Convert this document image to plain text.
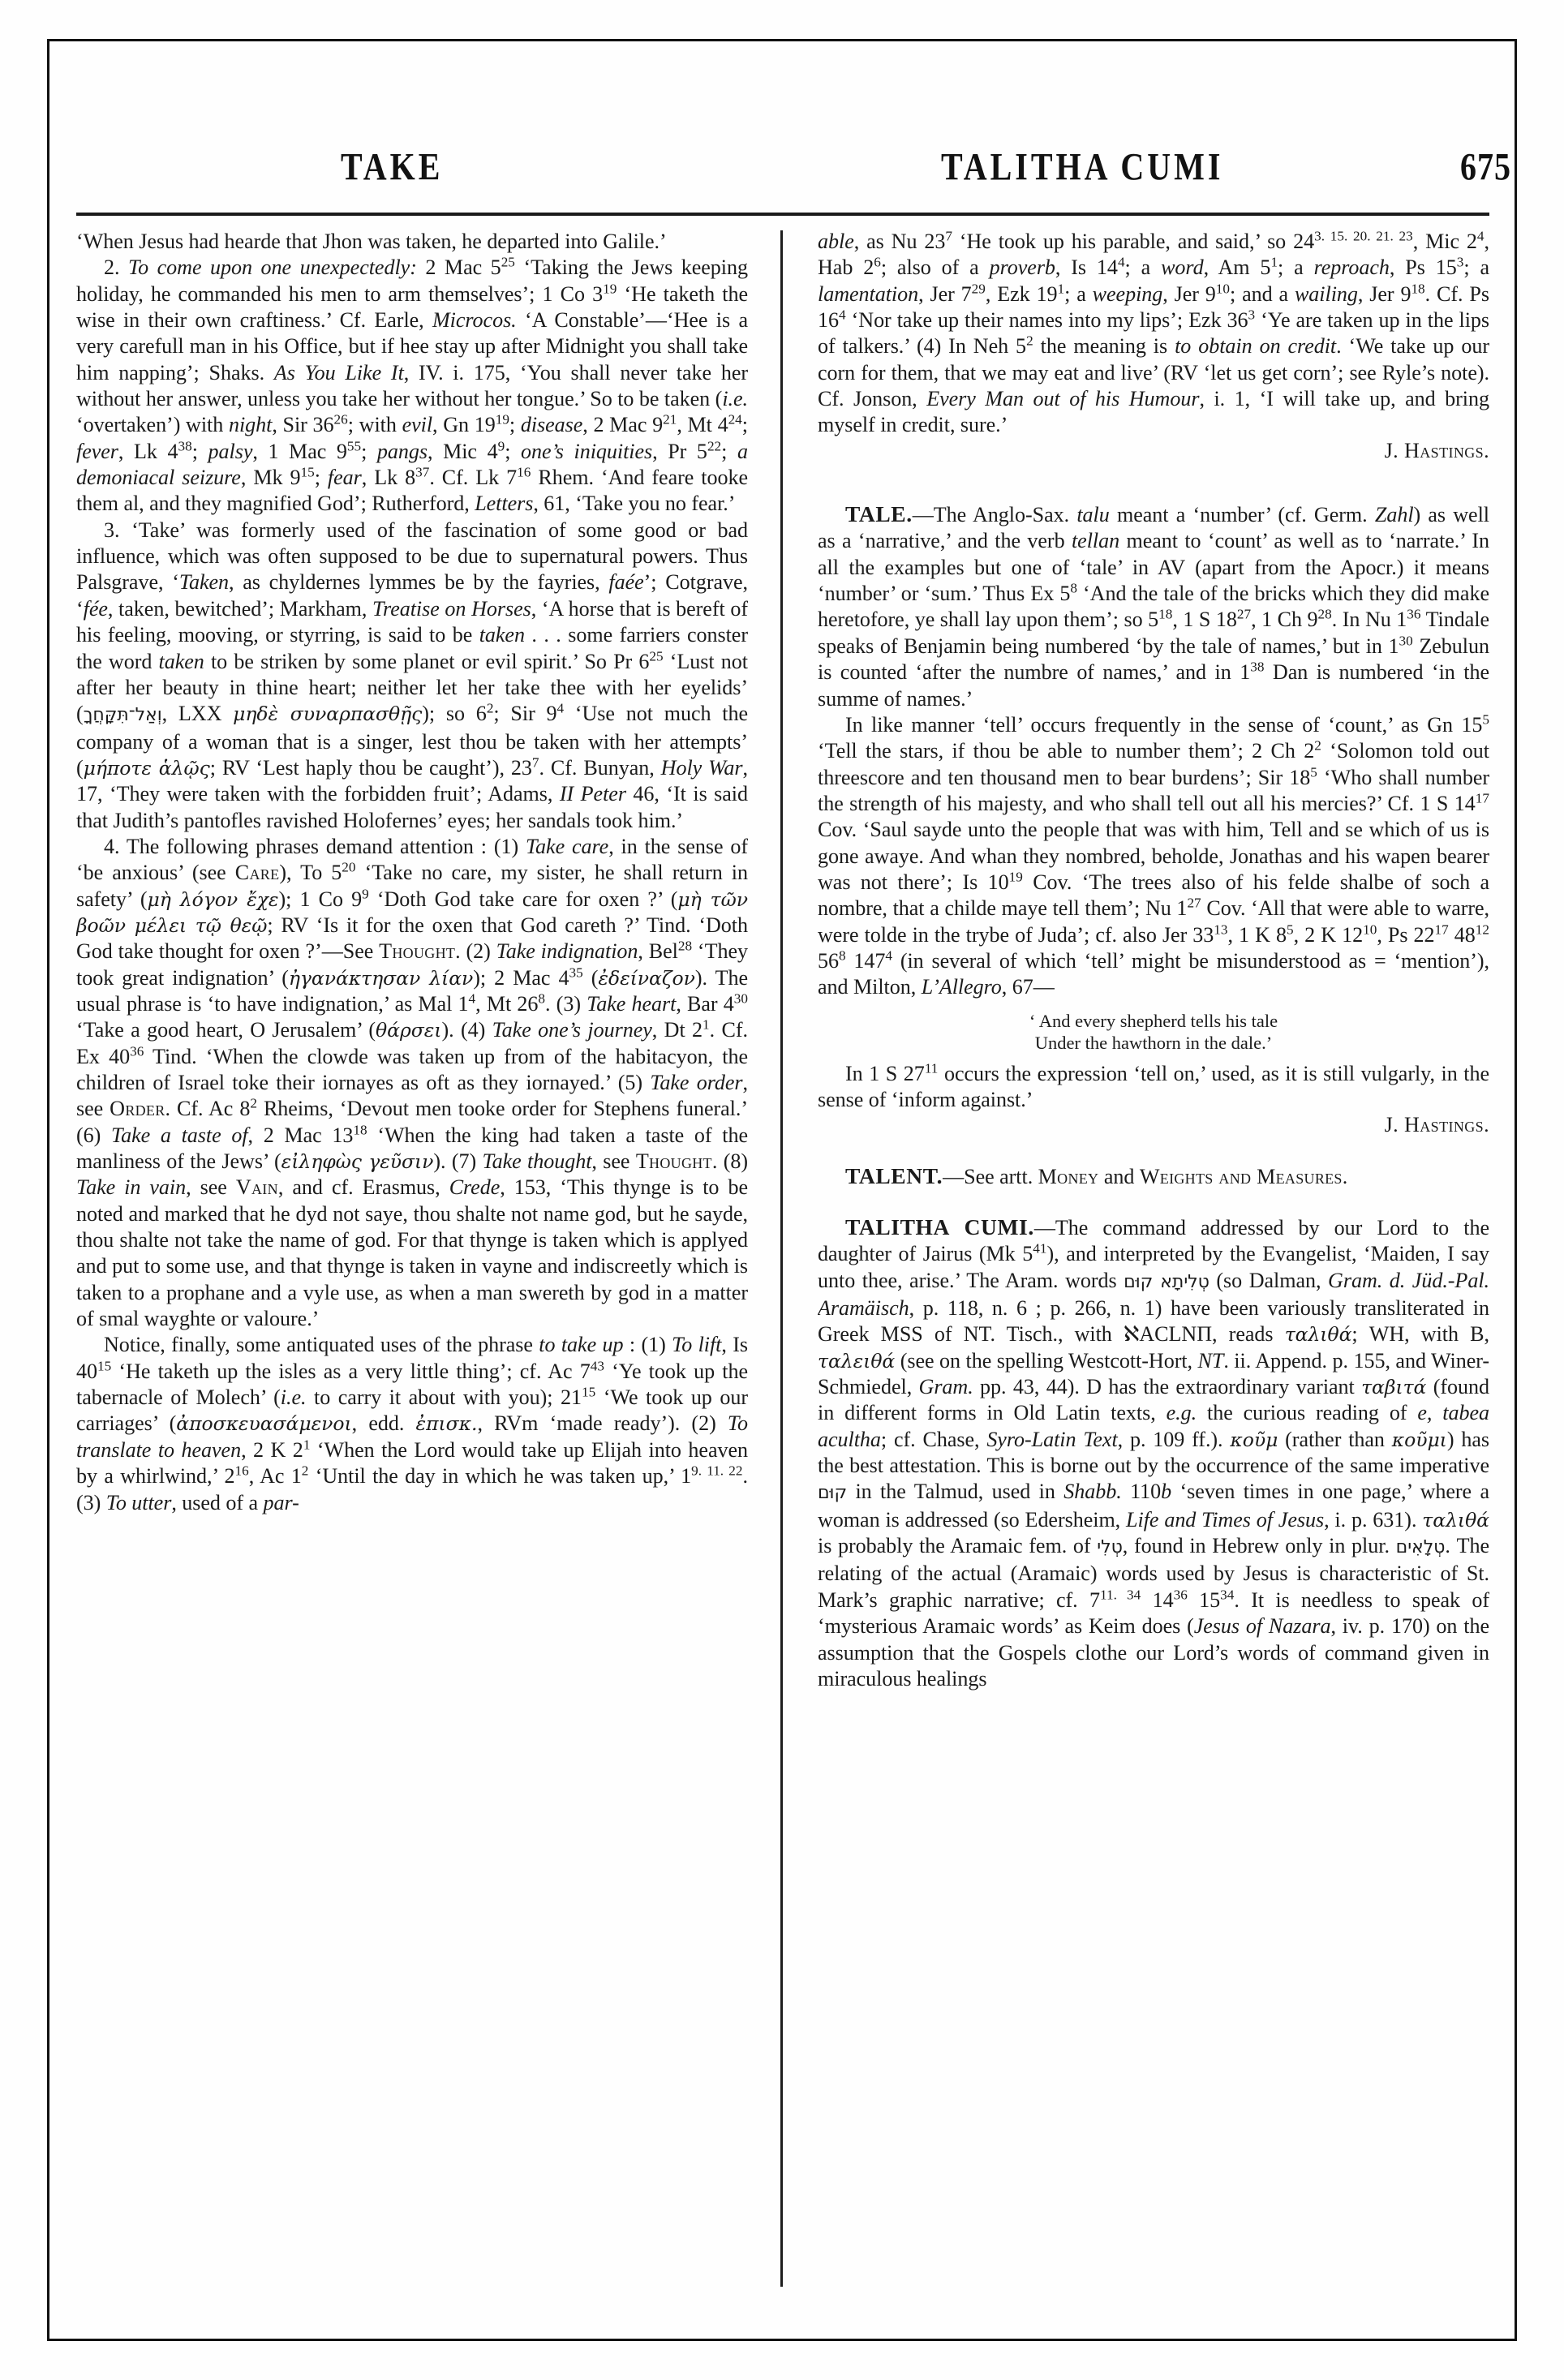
TAKE	TALITHA CUMI	675

‘When Jesus had hearde that Jhon was taken, he departed into Galile.’

2. To come upon one unexpectedly: 2 Mac $5^{25}$ ‘Taking the Jews keeping holiday, he commanded his men to arm themselves’; 1 Co $3^{19}$ ‘He taketh the wise in their own craftiness.’ Cf. Earle, Microcos. ‘A Constable’—‘Hee is a very carefull man in his Office, but if hee stay up after Midnight you shall take him napping’; Shaks. As You Like It, IV. i. 175, ‘You shall never take her without her answer, unless you take her without her tongue.’ So to be taken (i.e. ‘overtaken’) with night, Sir $36^{26}$; with evil, Gn $19^{19}$; disease, 2 Mac $9^{21}$, Mt $4^{24}$; fever, Lk $4^{38}$; palsy, 1 Mac $9^{55}$; pangs, Mic $4^9$; one’s iniquities, Pr $5^{22}$; a demoniacal seizure, Mk $9^{15}$; fear, Lk $8^{37}$. Cf. Lk $7^{16}$ Rhem. ‘And feare tooke them al, and they magnified God’; Rutherford, Letters, 61, ‘Take you no fear.’

3. ‘Take’ was formerly used of the fascination of some good or bad influence, which was often supposed to be due to supernatural powers. Thus Palsgrave, ‘Taken, as chyldernes lymmes be by the fayries, faée’; Cotgrave, ‘fée, taken, bewitched’; Markham, Treatise on Horses, ‘A horse that is bereft of his feeling, mooving, or styrring, is said to be taken . . . some farriers conster the word taken to be striken by some planet or evil spirit.’ So Pr $6^{25}$ ‘Lust not after her beauty in thine heart; neither let her take thee with her eyelids’ (וְאַל־תִּקָּחֲךָ, LXX μηδὲ συναρπασθῇς); so $6^2$; Sir $9^4$ ‘Use not much the company of a woman that is a singer, lest thou be taken with her attempts’ (μήποτε ἁλῷς; RV ‘Lest haply thou be caught’), $23^7$. Cf. Bunyan, Holy War, 17, ‘They were taken with the forbidden fruit’; Adams, II Peter 46, ‘It is said that Judith’s pantofles ravished Holofernes’ eyes; her sandals took him.’

4. The following phrases demand attention : (1) Take care, in the sense of ‘be anxious’ (see Care), To $5^{20}$ ‘Take no care, my sister, he shall return in safety’ (μὴ λόγον ἔχε); 1 Co $9^9$ ‘Doth God take care for oxen ?’ (μὴ τῶν βοῶν μέλει τῷ θεῷ; RV ‘Is it for the oxen that God careth ?’ Tind. ‘Doth God take thought for oxen ?’—See Thought. (2) Take indignation, Bel$^{28}$ ‘They took great indignation’ (ἠγανάκτησαν λίαν); 2 Mac $4^{35}$ (ἐδείναζον). The usual phrase is ‘to have indignation,’ as Mal $1^4$, Mt $26^8$. (3) Take heart, Bar $4^{30}$ ‘Take a good heart, O Jerusalem’ (θάρσει). (4) Take one’s journey, Dt $2^1$. Cf. Ex $40^{36}$ Tind. ‘When the clowde was taken up from of the habitacyon, the children of Israel toke their iornayes as oft as they iornayed.’ (5) Take order, see Order. Cf. Ac $8^2$ Rheims, ‘Devout men tooke order for Stephens funeral.’ (6) Take a taste of, 2 Mac $13^{18}$ ‘When the king had taken a taste of the manliness of the Jews’ (εἰληφὼς γεῦσιν). (7) Take thought, see Thought. (8) Take in vain, see Vain, and cf. Erasmus, Crede, 153, ‘This thynge is to be noted and marked that he dyd not saye, thou shalte not name god, but he sayde, thou shalte not take the name of god. For that thynge is taken which is applyed and put to some use, and that thynge is taken in vayne and indiscreetly which is taken to a prophane and a vyle use, as when a man swereth by god in a matter of smal wayghte or valoure.’

Notice, finally, some antiquated uses of the phrase to take up : (1) To lift, Is $40^{15}$ ‘He taketh up the isles as a very little thing’; cf. Ac $7^{43}$ ‘Ye took up the tabernacle of Molech’ (i.e. to carry it about with you); $21^{15}$ ‘We took up our carriages’ (ἀποσκευασάμενοι, edd. ἐπισκ., RVm ‘made ready’). (2) To translate to heaven, 2 K $2^1$ ‘When the Lord would take up Elijah into heaven by a whirlwind,’ $2^{16}$, Ac $1^2$ ‘Until the day in which he was taken up,’ $1^{9. 11. 22}$. (3) To utter, used of a par-

able, as Nu $23^7$ ‘He took up his parable, and said,’ so $24^{3. 15. 20. 21. 23}$, Mic $2^4$, Hab $2^6$; also of a proverb, Is $14^4$; a word, Am $5^1$; a reproach, Ps $15^3$; a lamentation, Jer $7^{29}$, Ezk $19^1$; a weeping, Jer $9^{10}$; and a wailing, Jer $9^{18}$. Cf. Ps $16^4$ ‘Nor take up their names into my lips’; Ezk $36^3$ ‘Ye are taken up in the lips of talkers.’ (4) In Neh $5^2$ the meaning is to obtain on credit. ‘We take up our corn for them, that we may eat and live’ (RV ‘let us get corn’; see Ryle’s note). Cf. Jonson, Every Man out of his Humour, i. 1, ‘I will take up, and bring myself in credit, sure.’
J. Hastings.

TALE.—The Anglo-Sax. talu meant a ‘number’ (cf. Germ. Zahl) as well as a ‘narrative,’ and the verb tellan meant to ‘count’ as well as to ‘narrate.’ In all the examples but one of ‘tale’ in AV (apart from the Apocr.) it means ‘number’ or ‘sum.’ Thus Ex $5^8$ ‘And the tale of the bricks which they did make heretofore, ye shall lay upon them’; so $5^{18}$, 1 S $18^{27}$, 1 Ch $9^{28}$. In Nu $1^{36}$ Tindale speaks of Benjamin being numbered ‘by the tale of names,’ but in $1^{30}$ Zebulun is counted ‘after the numbre of names,’ and in $1^{38}$ Dan is numbered ‘in the summe of names.’

In like manner ‘tell’ occurs frequently in the sense of ‘count,’ as Gn $15^5$ ‘Tell the stars, if thou be able to number them’; 2 Ch $2^2$ ‘Solomon told out threescore and ten thousand men to bear burdens’; Sir $18^5$ ‘Who shall number the strength of his majesty, and who shall tell out all his mercies?’ Cf. 1 S $14^{17}$ Cov. ‘Saul sayde unto the people that was with him, Tell and se which of us is gone awaye. And whan they nombred, beholde, Jonathas and his wapen bearer was not there’; Is $10^{19}$ Cov. ‘The trees also of his felde shalbe of soch a nombre, that a childe maye tell them’; Nu $1^{27}$ Cov. ‘All that were able to warre, were tolde in the trybe of Juda’; cf. also Jer $33^{13}$, 1 K $8^5$, 2 K $12^{10}$, Ps $22^{17}$ $48^{12}$ $56^8$ $147^4$ (in several of which ‘tell’ might be misunderstood as = ‘mention’), and Milton, L’Allegro, 67—

‘ And every shepherd tells his tale
Under the hawthorn in the dale.’

In 1 S $27^{11}$ occurs the expression ‘tell on,’ used, as it is still vulgarly, in the sense of ‘inform against.’
J. Hastings.

TALENT.—See artt. Money and Weights and Measures.

TALITHA CUMI.—The command addressed by our Lord to the daughter of Jairus (Mk $5^{41}$), and interpreted by the Evangelist, ‘Maiden, I say unto thee, arise.’ The Aram. words טְלִיתָא קוּם (so Dalman, Gram. d. Jüd.-Pal. Aramäisch, p. 118, n. 6 ; p. 266, n. 1) have been variously transliterated in Greek MSS of NT. Tisch., with ℵACLNΠ, reads ταλιθά; WH, with B, ταλειθά (see on the spelling Westcott-Hort, NT. ii. Append. p. 155, and Winer-Schmiedel, Gram. pp. 43, 44). D has the extraordinary variant ταβιτά (found in different forms in Old Latin texts, e.g. the curious reading of e, tabea acultha; cf. Chase, Syro-Latin Text, p. 109 ff.). κοῦμ (rather than κοῦμι) has the best attestation. This is borne out by the occurrence of the same imperative קוּם in the Talmud, used in Shabb. 110b ‘seven times in one page,’ where a woman is addressed (so Edersheim, Life and Times of Jesus, i. p. 631). ταλιθά is probably the Aramaic fem. of טְלִי, found in Hebrew only in plur. טְלָאִים. The relating of the actual (Aramaic) words used by Jesus is characteristic of St. Mark’s graphic narrative; cf. $7^{11. 34}$ $14^{36}$ $15^{34}$. It is needless to speak of ‘mysterious Aramaic words’ as Keim does (Jesus of Nazara, iv. p. 170) on the assumption that the Gospels clothe our Lord’s words of command given in miraculous healings
